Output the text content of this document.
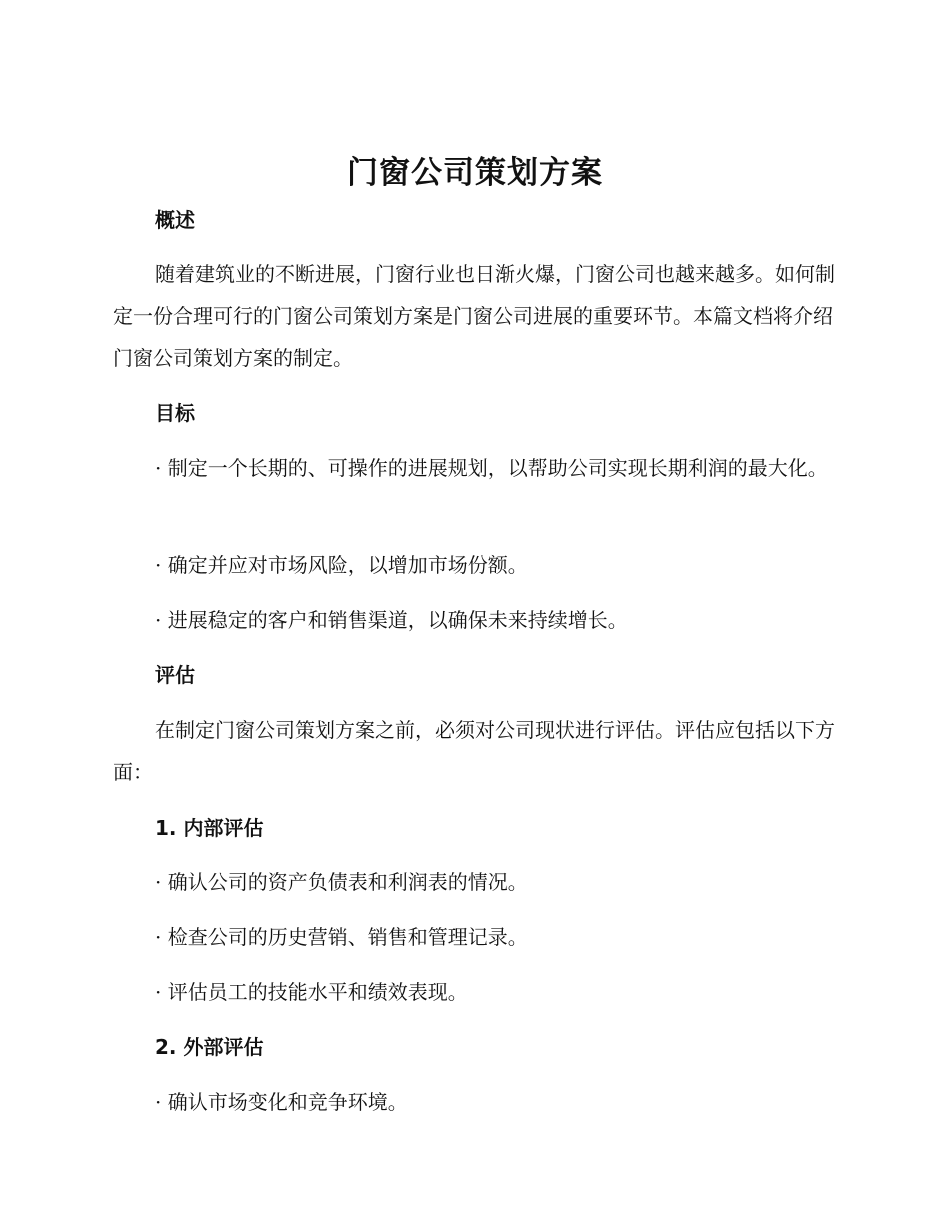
门窗公司策划方案
概述

随着建筑业的不断进展，门窗行业也日渐火爆，门窗公司也越来越多。如何制定一份合理可行的门窗公司策划方案是门窗公司进展的重要环节。本篇文档将介绍门窗公司策划方案的制定。

目标

· 制定一个长期的、可操作的进展规划，以帮助公司实现长期利润的最大化。

· 确定并应对市场风险，以增加市场份额。

· 进展稳定的客户和销售渠道，以确保未来持续增长。

评估

在制定门窗公司策划方案之前，必须对公司现状进行评估。评估应包括以下方面：

1. 内部评估

· 确认公司的资产负债表和利润表的情况。

· 检查公司的历史营销、销售和管理记录。

· 评估员工的技能水平和绩效表现。

2. 外部评估

· 确认市场变化和竞争环境。
